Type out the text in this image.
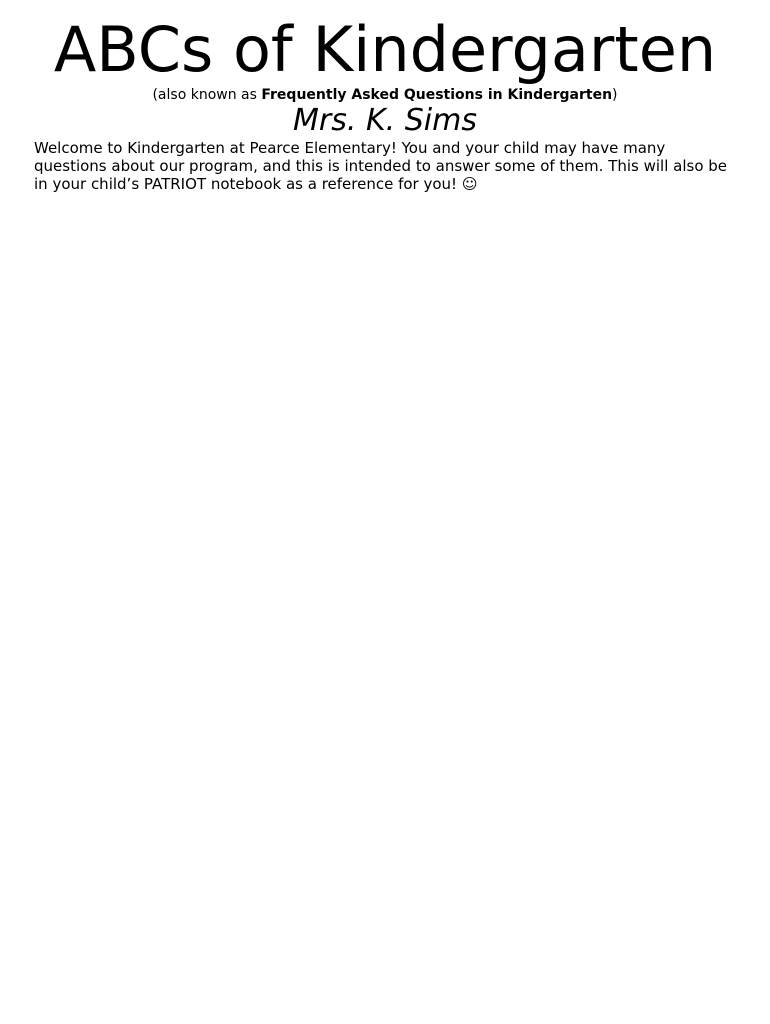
ABCs of Kindergarten
(also known as Frequently Asked Questions in Kindergarten)
Mrs. K. Sims

Welcome to Kindergarten at Pearce Elementary! You and your child may have many
questions about our program, and this is intended to answer some of them. This will also be
in your child’s PATRIOT notebook as a reference for you! ☺
